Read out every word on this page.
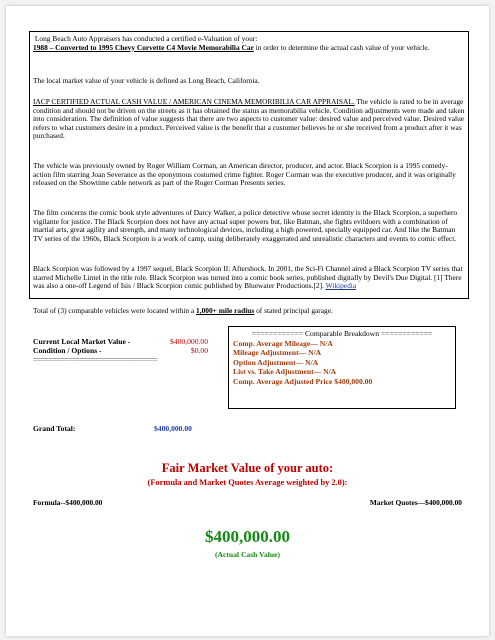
Long Beach Auto Appraisers has conducted a certified e-Valuation of your:
1988 – Converted to 1995 Chevy Corvette C4 Movie Memorabilia Car in order to determine the actual cash value of your vehicle.
The local market value of your vehicle is defined as Long Beach, California.
IACP CERTIFIED ACTUAL CASH VALUE / AMERICAN CINEMA MEMORIBILIA CAR APPRAISAL. The vehicle is rated to be in average condition and should not be driven on the streets as it has obtained the status as memorabilia vehicle. Condition adjustments were made and taken into consideration. The definition of value suggests that there are two aspects to customer value: desired value and perceived value. Desired value refers to what customers desire in a product. Perceived value is the benefit that a customer believes he or she received from a product after it was purchased.
The vehicle was previously owned by Roger William Corman, an American director, producer, and actor. Black Scorpion is a 1995 comedy-action film starring Joan Severance as the eponymous costumed crime fighter. Roger Corman was the executive producer, and it was originally released on the Showtime cable network as part of the Roger Corman Presents series.
The film concerns the comic book style adventures of Darcy Walker, a police detective whose secret identity is the Black Scorpion, a superhero vigilante for justice. The Black Scorpion does not have any actual super powers but, like Batman, she fights evildoers with a combination of martial arts, great agility and strength, and many technological devices, including a high powered, specially equipped car. And like the Batman TV series of the 1960s, Black Scorpion is a work of camp, using deliberately exaggerated and unrealistic characters and events to comic effect.
Black Scorpion was followed by a 1997 sequel, Black Scorpion II: Aftershock. In 2001, the Sci-Fi Channel aired a Black Scorpion TV series that starred Michelle Lintel in the title role. Black Scorpion was turned into a comic book series, published digitally by Devil's Due Digital. [1] There was also a one-off Legend of Isis / Black Scorpion comic published by Bluewater Productions.[2]. Wikipedia
Total of (3) comparable vehicles were located within a 1,000+ mile radius of stated principal garage.
Current Local Market Value -	$400,000.00
Condition / Options -	$0.00
================================
============ Comparable Breakdown ============
Comp. Average Mileage— N/A
Mileage Adjustment— N/A
Option Adjustment— N/A
List vs. Take Adjustment— N/A
Comp. Average Adjusted Price $400,000.00
Grand Total:	$400,000.00
Fair Market Value of your auto:
(Formula and Market Quotes Average weighted by 2.0):
Formula--$400,000.00	Market Quotes—$400,000.00
$400,000.00
(Actual Cash Value)
